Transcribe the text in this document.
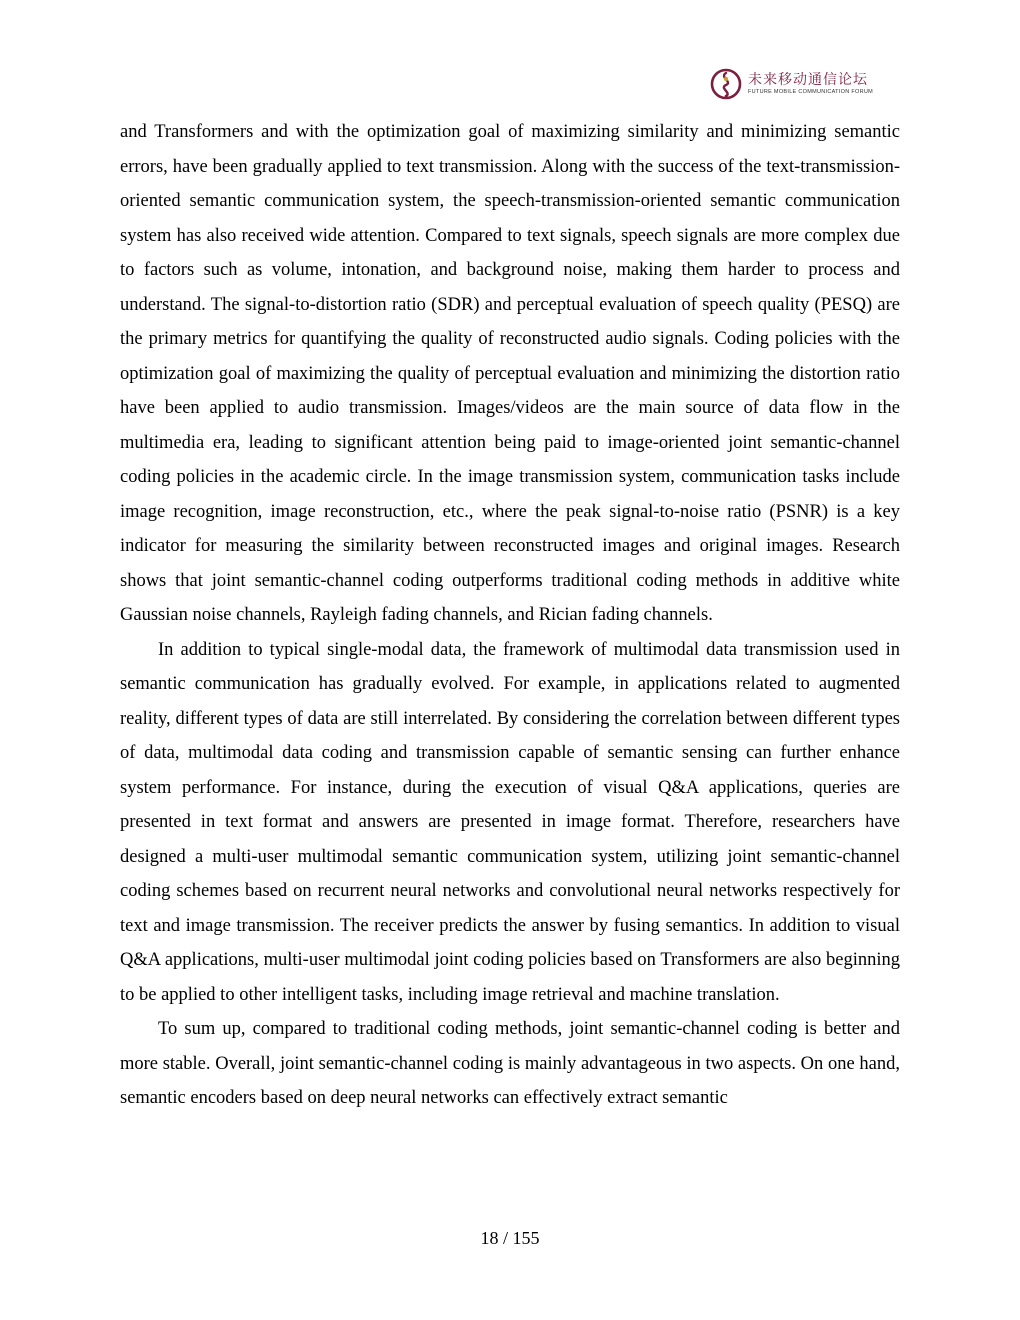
未来移动通信论坛
FUTURE MOBILE COMMUNICATION FORUM

and Transformers and with the optimization goal of maximizing similarity and minimizing semantic errors, have been gradually applied to text transmission. Along with the success of the text-transmission-oriented semantic communication system, the speech-transmission-oriented semantic communication system has also received wide attention. Compared to text signals, speech signals are more complex due to factors such as volume, intonation, and background noise, making them harder to process and understand. The signal-to-distortion ratio (SDR) and perceptual evaluation of speech quality (PESQ) are the primary metrics for quantifying the quality of reconstructed audio signals. Coding policies with the optimization goal of maximizing the quality of perceptual evaluation and minimizing the distortion ratio have been applied to audio transmission. Images/videos are the main source of data flow in the multimedia era, leading to significant attention being paid to image-oriented joint semantic-channel coding policies in the academic circle. In the image transmission system, communication tasks include image recognition, image reconstruction, etc., where the peak signal-to-noise ratio (PSNR) is a key indicator for measuring the similarity between reconstructed images and original images. Research shows that joint semantic-channel coding outperforms traditional coding methods in additive white Gaussian noise channels, Rayleigh fading channels, and Rician fading channels.

In addition to typical single-modal data, the framework of multimodal data transmission used in semantic communication has gradually evolved. For example, in applications related to augmented reality, different types of data are still interrelated. By considering the correlation between different types of data, multimodal data coding and transmission capable of semantic sensing can further enhance system performance. For instance, during the execution of visual Q&A applications, queries are presented in text format and answers are presented in image format. Therefore, researchers have designed a multi-user multimodal semantic communication system, utilizing joint semantic-channel coding schemes based on recurrent neural networks and convolutional neural networks respectively for text and image transmission. The receiver predicts the answer by fusing semantics. In addition to visual Q&A applications, multi-user multimodal joint coding policies based on Transformers are also beginning to be applied to other intelligent tasks, including image retrieval and machine translation.

To sum up, compared to traditional coding methods, joint semantic-channel coding is better and more stable. Overall, joint semantic-channel coding is mainly advantageous in two aspects. On one hand, semantic encoders based on deep neural networks can effectively extract semantic

18 / 155
